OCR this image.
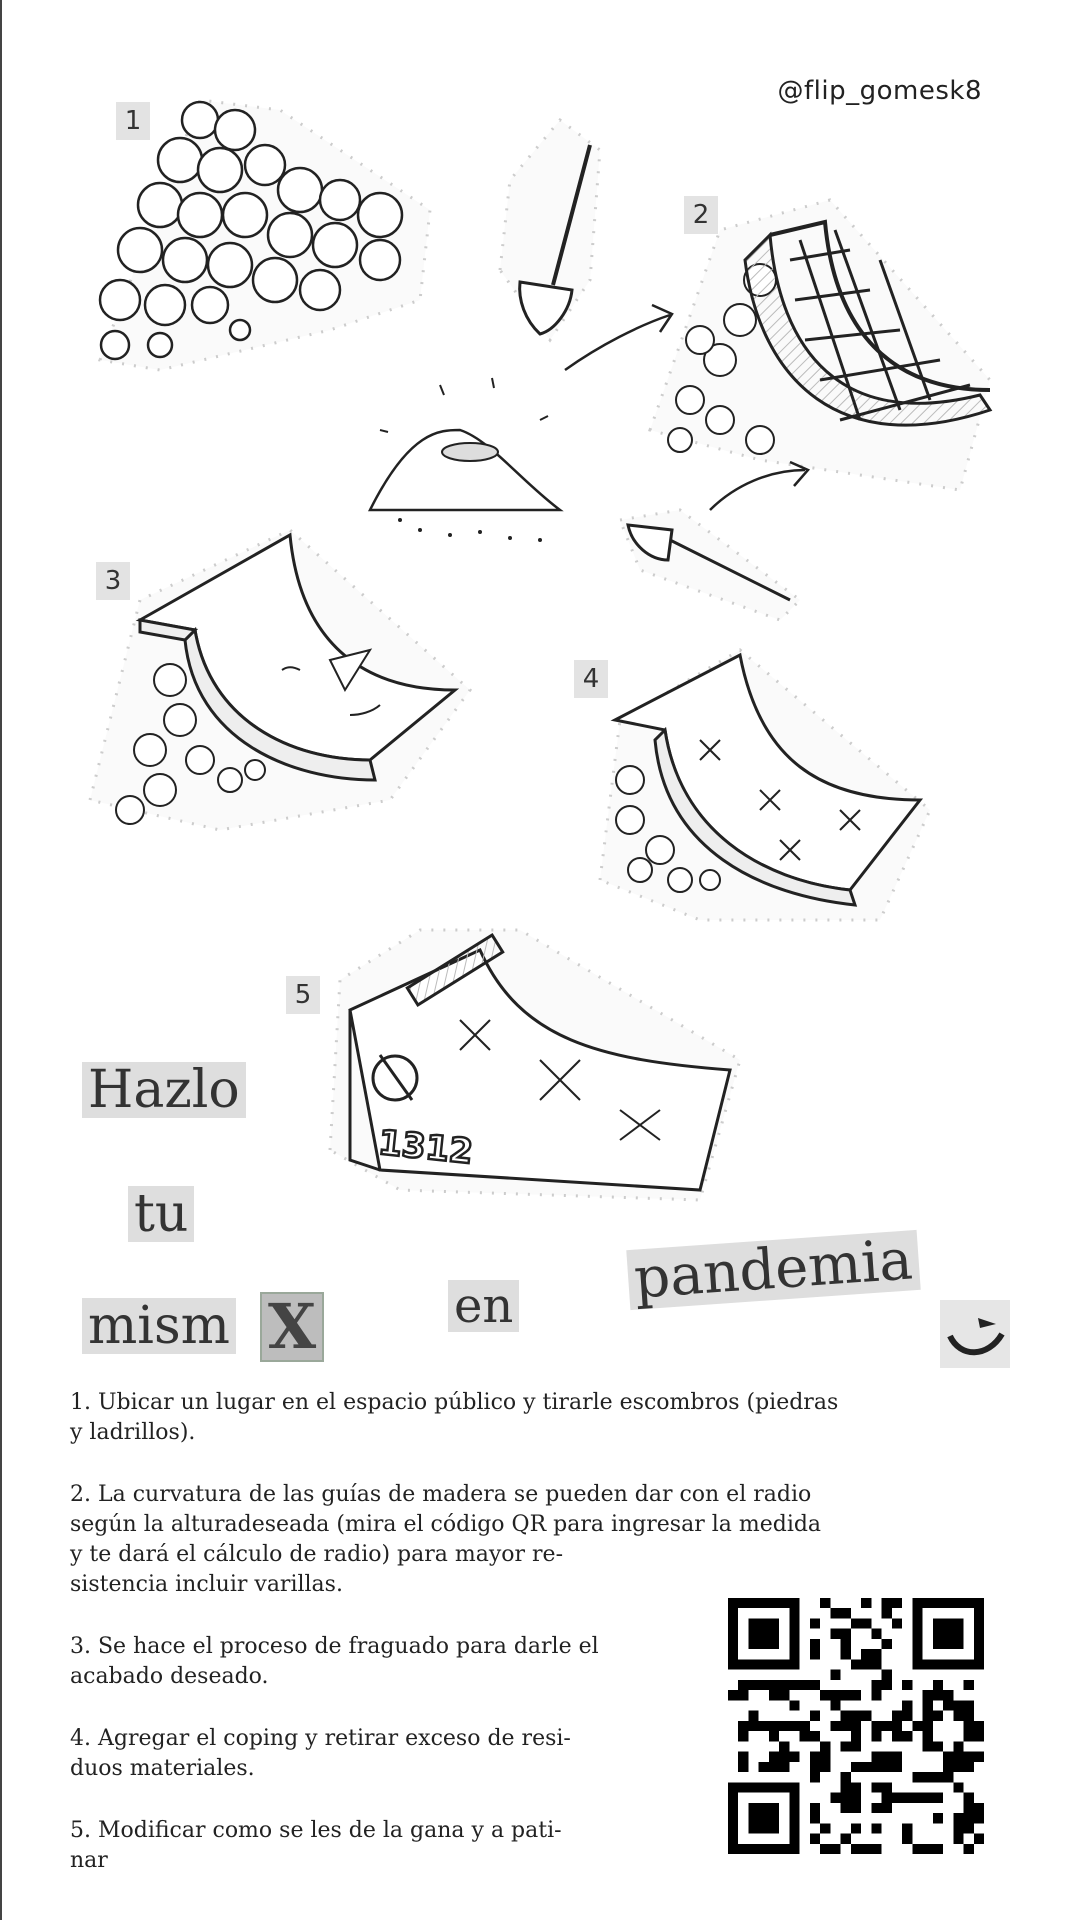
@flip_gomesk8
1
2
3
4
5
1312
Hazlo
tu
mism X	en pandemia

1. Ubicar un lugar en el espacio público y tirarle escombros (piedras

y ladrillos).

2. La curvatura de las guías de madera se pueden dar con el radio

según la alturadeseada (mira el código QR para ingresar la medida

y te dará el cálculo de radio) para mayor re-

sistencia incluir varillas.

3. Se hace el proceso de fraguado para darle el

acabado deseado.

4. Agregar el coping y retirar exceso de resi-

duos materiales.

5. Modificar como se les de la gana y a pati-

nar
